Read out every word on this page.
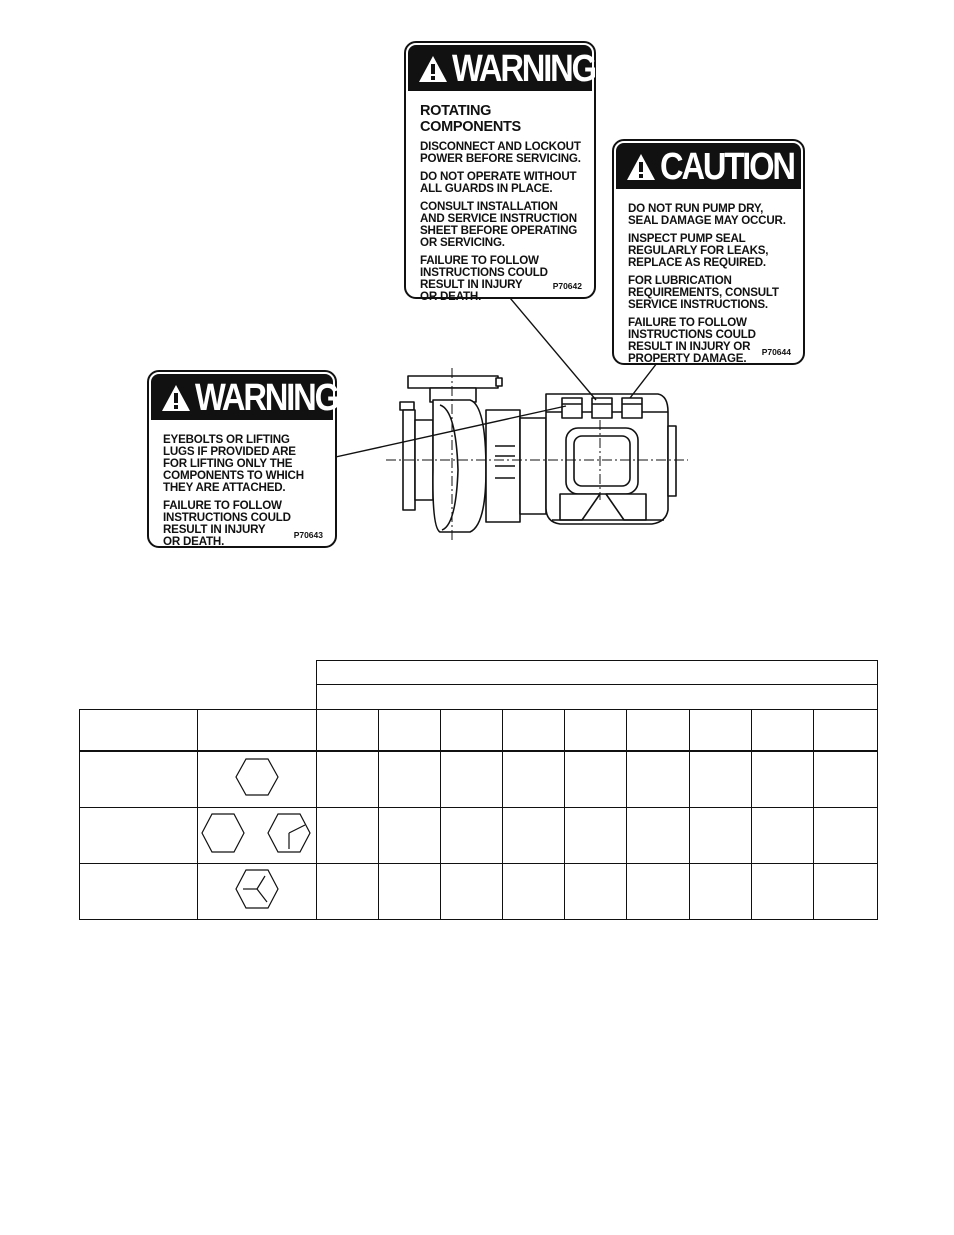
WARNING
ROTATING COMPONENTS

DISCONNECT AND LOCKOUT
POWER BEFORE SERVICING.

DO NOT OPERATE WITHOUT
ALL GUARDS IN PLACE.

CONSULT INSTALLATION
AND SERVICE INSTRUCTION
SHEET BEFORE OPERATING
OR SERVICING.

FAILURE TO FOLLOW
INSTRUCTIONS COULD
RESULT IN INJURY
OR DEATH.

P70642
CAUTION

DO NOT RUN PUMP DRY,
SEAL DAMAGE MAY OCCUR.

INSPECT PUMP SEAL
REGULARLY FOR LEAKS,
REPLACE AS REQUIRED.

FOR LUBRICATION
REQUIREMENTS, CONSULT
SERVICE INSTRUCTIONS.

FAILURE TO FOLLOW
INSTRUCTIONS COULD
RESULT IN INJURY OR
PROPERTY DAMAGE.	P70644
WARNING

EYEBOLTS OR LIFTING
LUGS IF PROVIDED ARE
FOR LIFTING ONLY THE
COMPONENTS TO WHICH
THEY ARE ATTACHED.

FAILURE TO FOLLOW
INSTRUCTIONS COULD
RESULT IN INJURY
OR DEATH.	P70643
